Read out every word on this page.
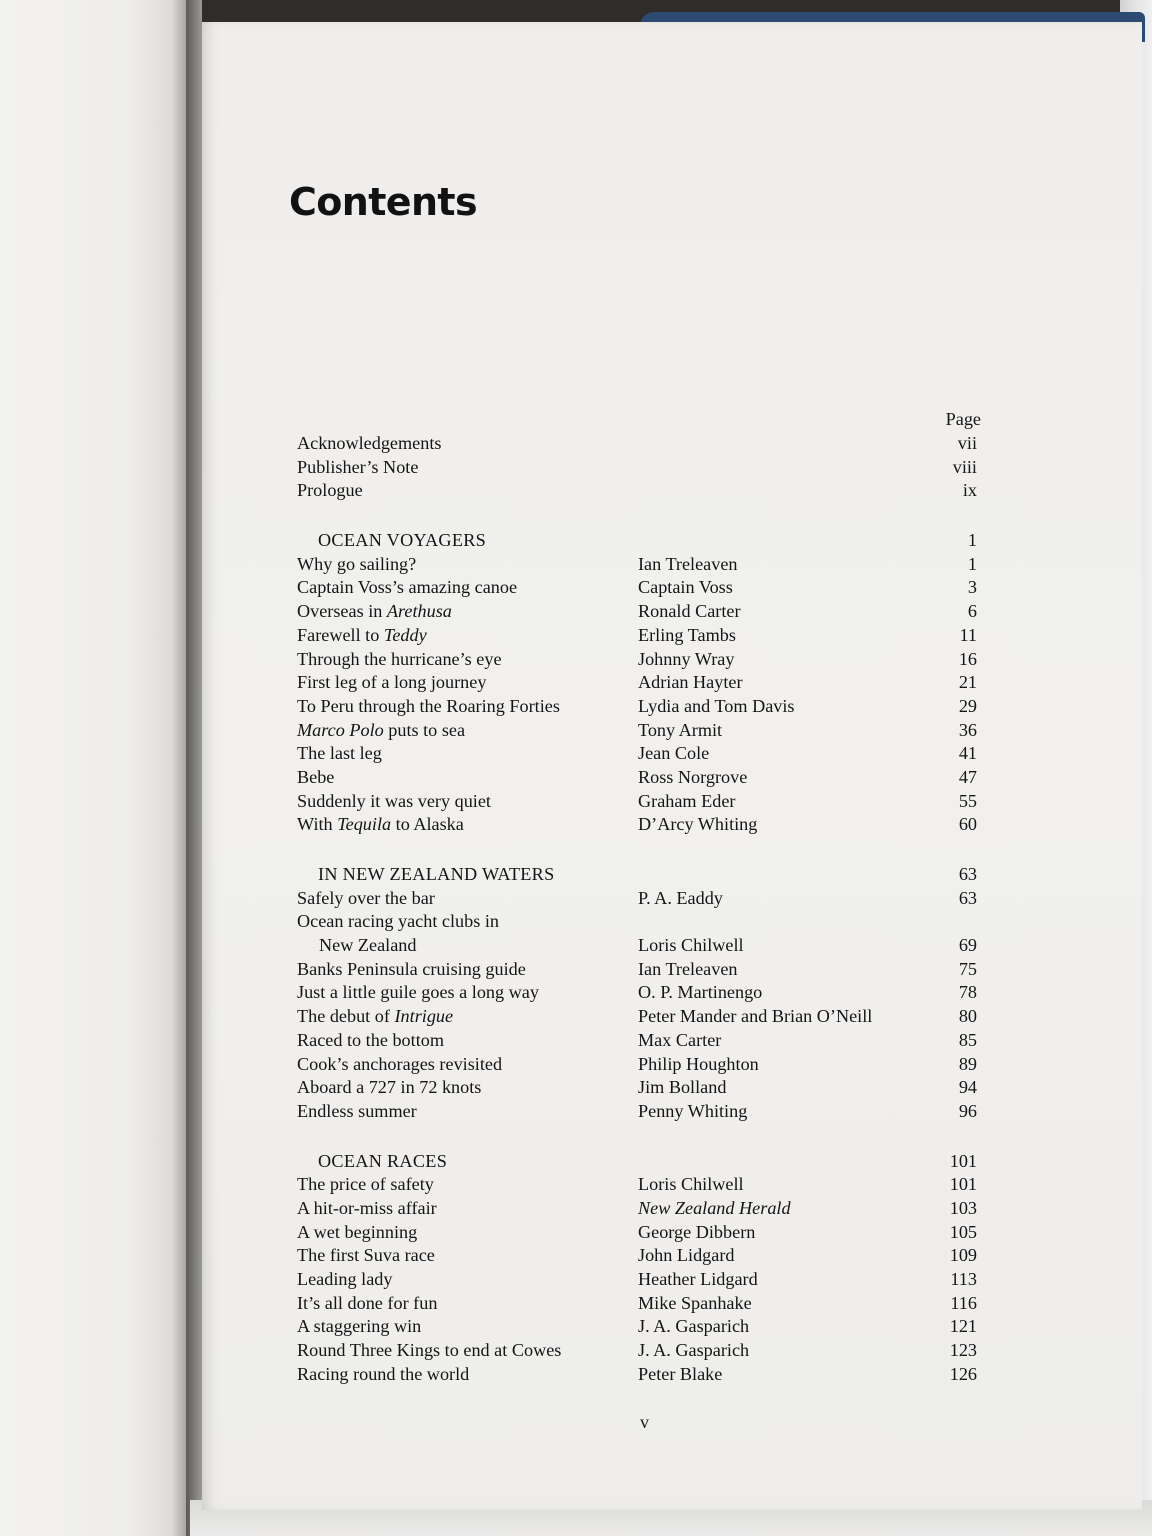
Contents
Page
Acknowledgements	vii
Publisher’s Note	viii
Prologue	ix
OCEAN VOYAGERS	1
Why go sailing?	Ian Treleaven	1
Captain Voss’s amazing canoe	Captain Voss	3
Overseas in Arethusa	Ronald Carter	6
Farewell to Teddy	Erling Tambs	11
Through the hurricane’s eye	Johnny Wray	16
First leg of a long journey	Adrian Hayter	21
To Peru through the Roaring Forties	Lydia and Tom Davis	29
Marco Polo puts to sea	Tony Armit	36
The last leg	Jean Cole	41
Bebe	Ross Norgrove	47
Suddenly it was very quiet	Graham Eder	55
With Tequila to Alaska	D’Arcy Whiting	60
IN NEW ZEALAND WATERS	63
Safely over the bar	P. A. Eaddy	63
Ocean racing yacht clubs in
New Zealand	Loris Chilwell	69
Banks Peninsula cruising guide	Ian Treleaven	75
Just a little guile goes a long way	O. P. Martinengo	78
The debut of Intrigue	Peter Mander and Brian O’Neill	80
Raced to the bottom	Max Carter	85
Cook’s anchorages revisited	Philip Houghton	89
Aboard a 727 in 72 knots	Jim Bolland	94
Endless summer	Penny Whiting	96
OCEAN RACES	101
The price of safety	Loris Chilwell	101
A hit-or-miss affair	New Zealand Herald	103
A wet beginning	George Dibbern	105
The first Suva race	John Lidgard	109
Leading lady	Heather Lidgard	113
It’s all done for fun	Mike Spanhake	116
A staggering win	J. A. Gasparich	121
Round Three Kings to end at Cowes	J. A. Gasparich	123
Racing round the world	Peter Blake	126
v
